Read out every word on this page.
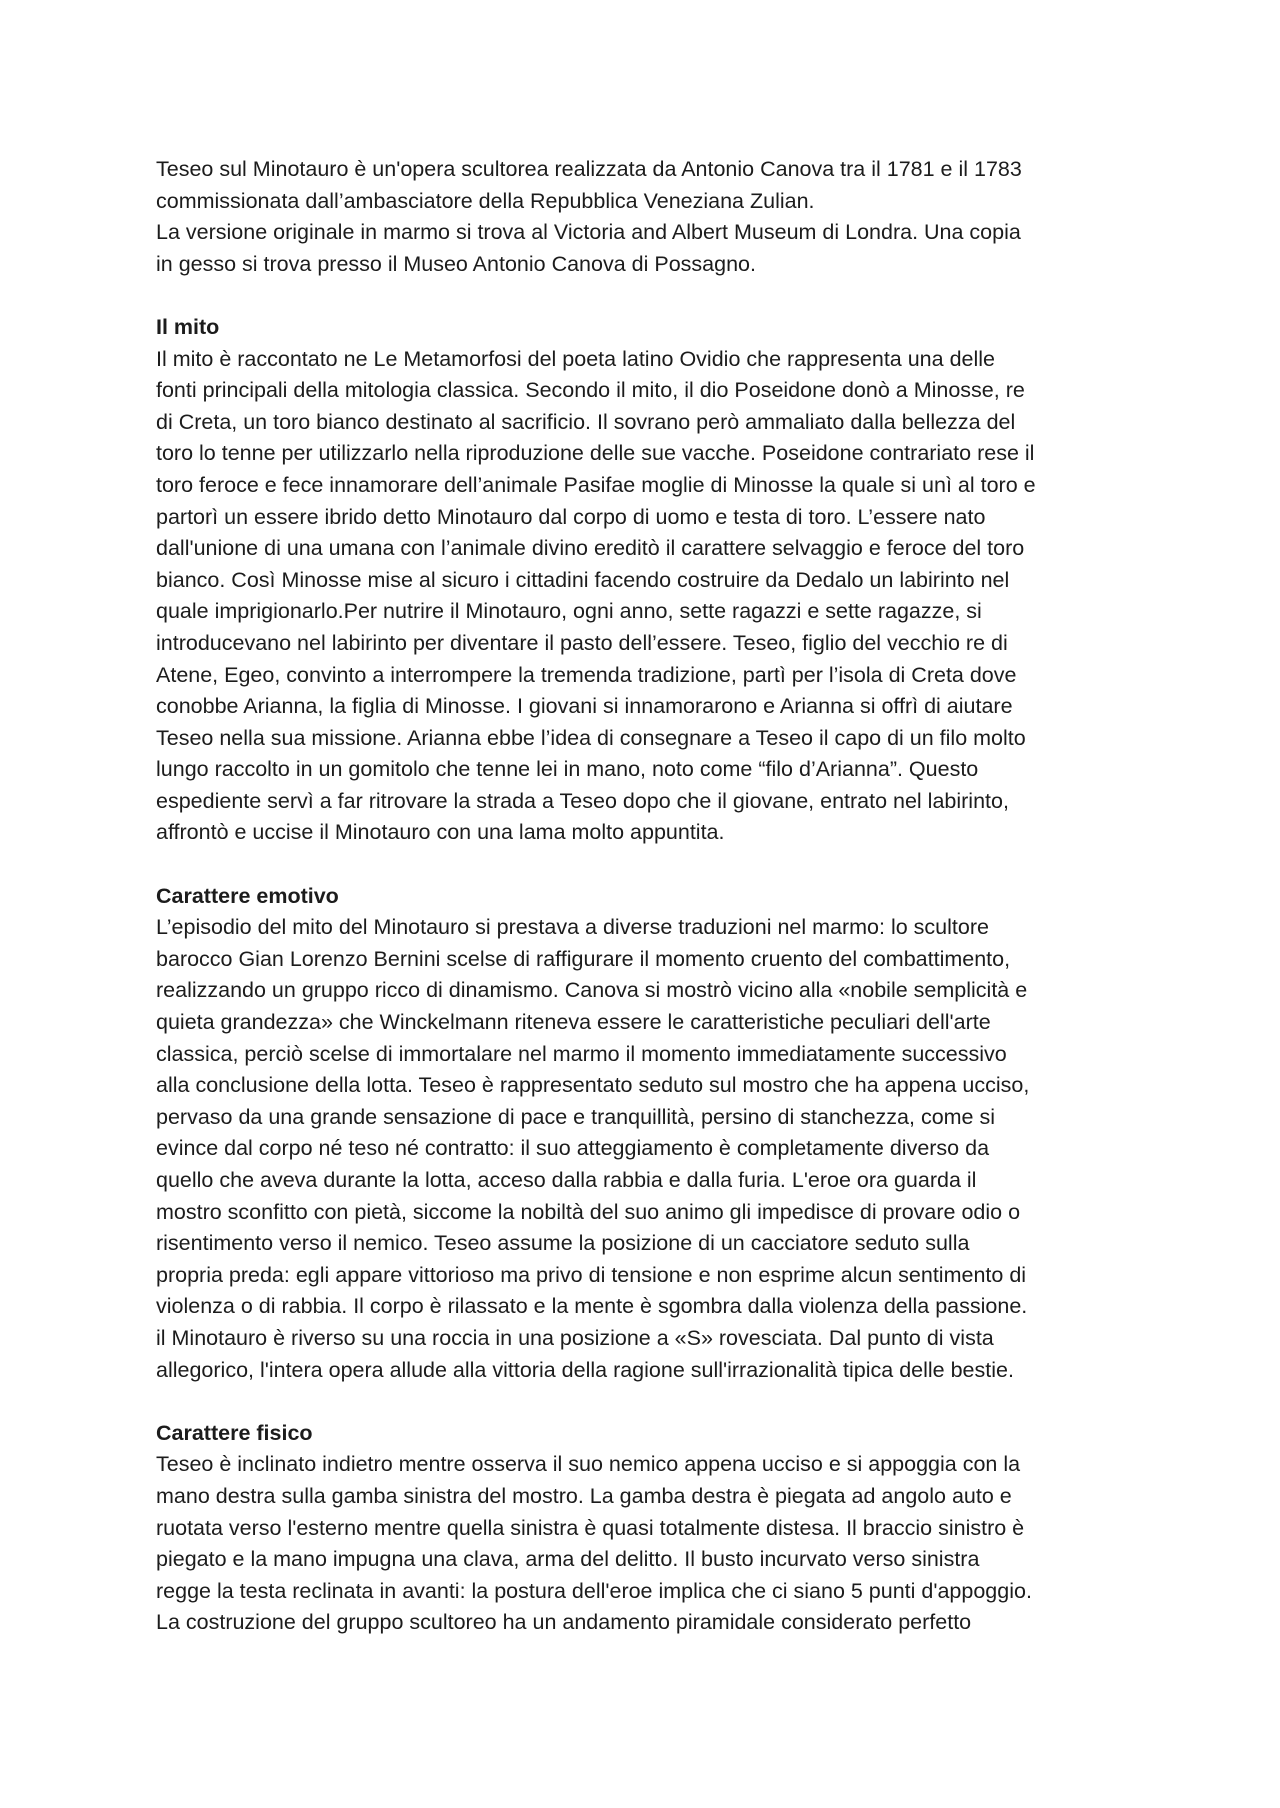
Teseo sul Minotauro è un'opera scultorea realizzata da Antonio Canova tra il 1781 e il 1783
commissionata dall’ambasciatore della Repubblica Veneziana Zulian.

La versione originale in marmo si trova al Victoria and Albert Museum di Londra. Una copia
in gesso si trova presso il Museo Antonio Canova di Possagno.

Il mito

Il mito è raccontato ne Le Metamorfosi del poeta latino Ovidio che rappresenta una delle
fonti principali della mitologia classica. Secondo il mito, il dio Poseidone donò a Minosse, re
di Creta, un toro bianco destinato al sacrificio. Il sovrano però ammaliato dalla bellezza del
toro lo tenne per utilizzarlo nella riproduzione delle sue vacche. Poseidone contrariato rese il
toro feroce e fece innamorare dell’animale Pasifae moglie di Minosse la quale si unì al toro e
partorì un essere ibrido detto Minotauro dal corpo di uomo e testa di toro. L’essere nato
dall'unione di una umana con l’animale divino ereditò il carattere selvaggio e feroce del toro
bianco. Così Minosse mise al sicuro i cittadini facendo costruire da Dedalo un labirinto nel
quale imprigionarlo.Per nutrire il Minotauro, ogni anno, sette ragazzi e sette ragazze, si
introducevano nel labirinto per diventare il pasto dell’essere. Teseo, figlio del vecchio re di
Atene, Egeo, convinto a interrompere la tremenda tradizione, partì per l’isola di Creta dove
conobbe Arianna, la figlia di Minosse. I giovani si innamorarono e Arianna si offrì di aiutare
Teseo nella sua missione. Arianna ebbe l’idea di consegnare a Teseo il capo di un filo molto
lungo raccolto in un gomitolo che tenne lei in mano, noto come “filo d’Arianna”. Questo
espediente servì a far ritrovare la strada a Teseo dopo che il giovane, entrato nel labirinto,
affrontò e uccise il Minotauro con una lama molto appuntita.

Carattere emotivo

L’episodio del mito del Minotauro si prestava a diverse traduzioni nel marmo: lo scultore
barocco Gian Lorenzo Bernini scelse di raffigurare il momento cruento del combattimento,
realizzando un gruppo ricco di dinamismo. Canova si mostrò vicino alla «nobile semplicità e
quieta grandezza» che Winckelmann riteneva essere le caratteristiche peculiari dell'arte
classica, perciò scelse di immortalare nel marmo il momento immediatamente successivo
alla conclusione della lotta. Teseo è rappresentato seduto sul mostro che ha appena ucciso,
pervaso da una grande sensazione di pace e tranquillità, persino di stanchezza, come si
evince dal corpo né teso né contratto: il suo atteggiamento è completamente diverso da
quello che aveva durante la lotta, acceso dalla rabbia e dalla furia. L'eroe ora guarda il
mostro sconfitto con pietà, siccome la nobiltà del suo animo gli impedisce di provare odio o
risentimento verso il nemico. Teseo assume la posizione di un cacciatore seduto sulla
propria preda: egli appare vittorioso ma privo di tensione e non esprime alcun sentimento di
violenza o di rabbia. Il corpo è rilassato e la mente è sgombra dalla violenza della passione.
il Minotauro è riverso su una roccia in una posizione a «S» rovesciata. Dal punto di vista
allegorico, l'intera opera allude alla vittoria della ragione sull'irrazionalità tipica delle bestie.

Carattere fisico

Teseo è inclinato indietro mentre osserva il suo nemico appena ucciso e si appoggia con la
mano destra sulla gamba sinistra del mostro. La gamba destra è piegata ad angolo auto e
ruotata verso l'esterno mentre quella sinistra è quasi totalmente distesa. Il braccio sinistro è
piegato e la mano impugna una clava, arma del delitto. Il busto incurvato verso sinistra
regge la testa reclinata in avanti: la postura dell'eroe implica che ci siano 5 punti d'appoggio.
La costruzione del gruppo scultoreo ha un andamento piramidale considerato perfetto
